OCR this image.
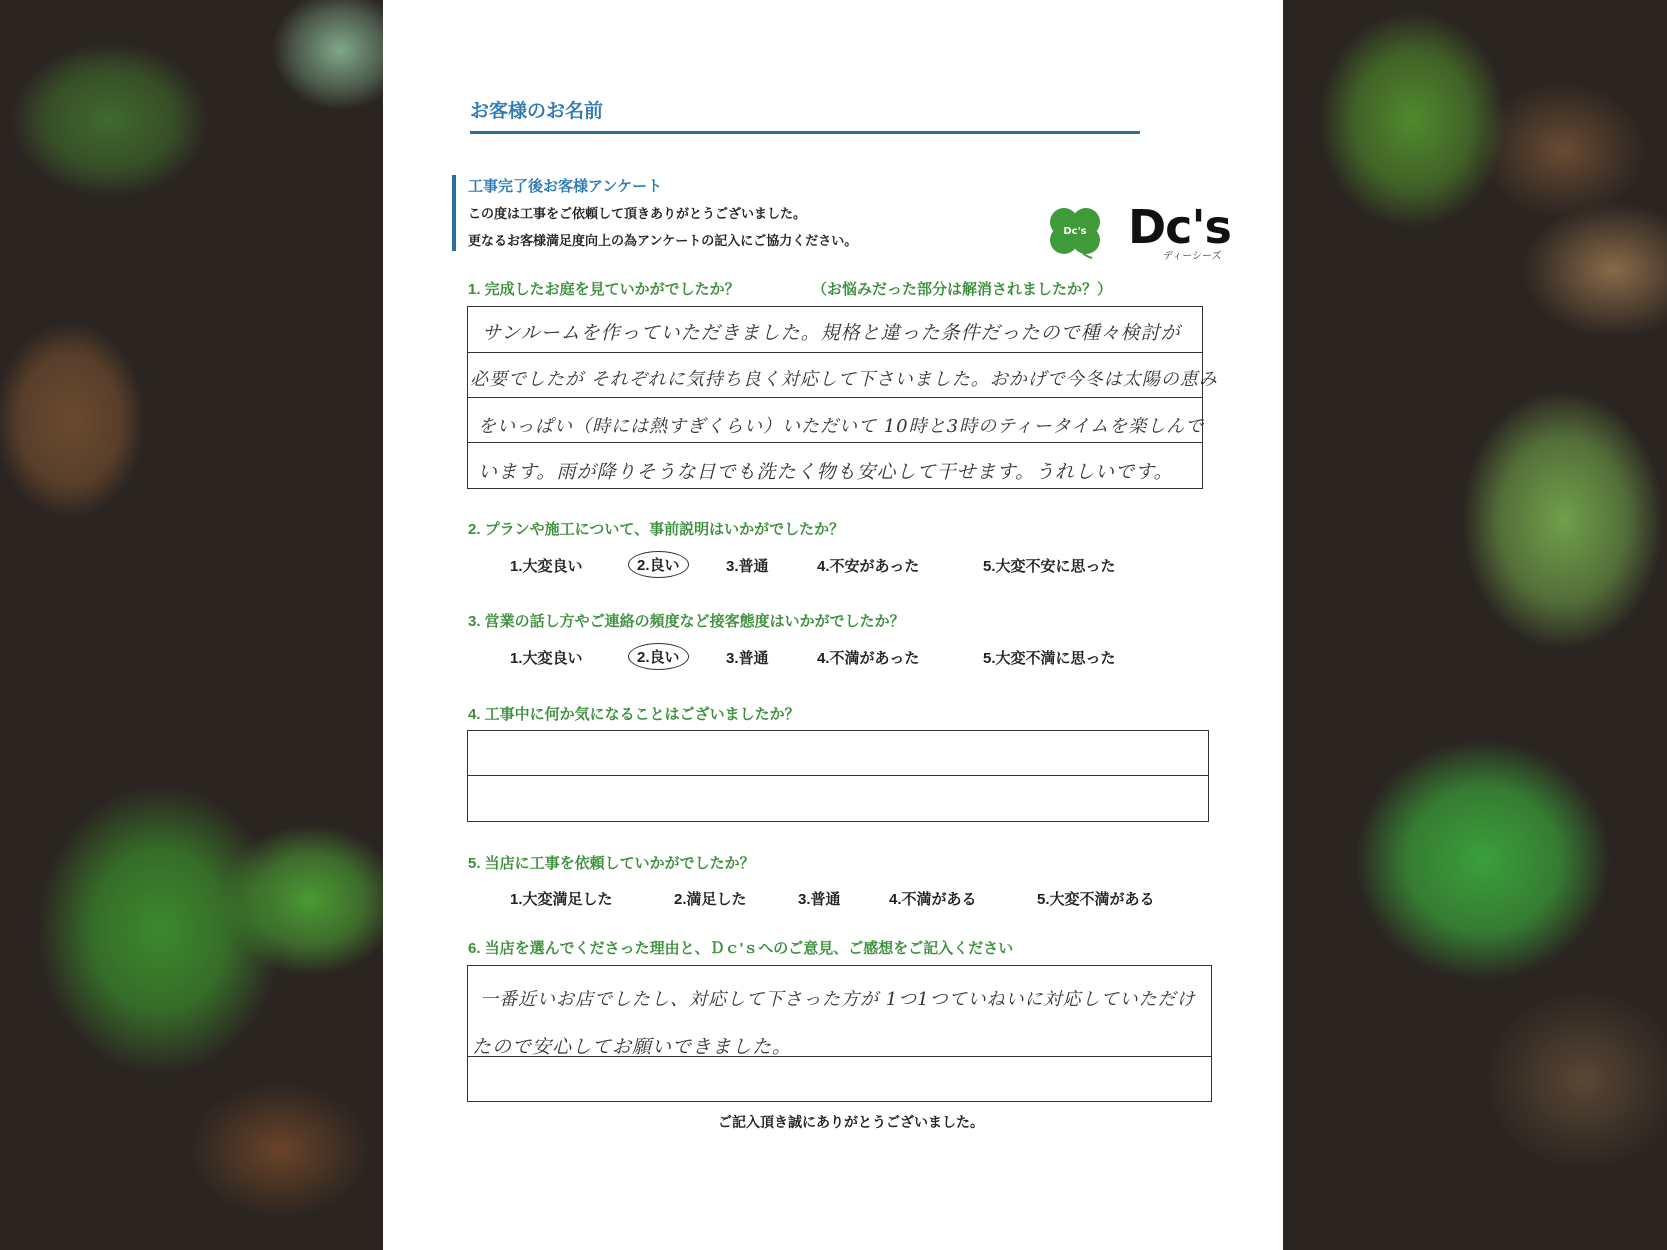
お客様のお名前
工事完了後お客様アンケート
この度は工事をご依頼して頂きありがとうございました。
更なるお客様満足度向上の為アンケートの記入にご協力ください。
Dc's Dc's
ディーシーズ
1. 完成したお庭を見ていかがでしたか？	（お悩みだった部分は解消されましたか？）
サンルームを作っていただきました。規格と違った条件だったので種々検討が
必要でしたが それぞれに気持ち良く対応して下さいました。おかげで今冬は太陽の恵み
をいっぱい（時には熱すぎくらい）いただいて 10時と3時のティータイムを楽しんで
います。雨が降りそうな日でも洗たく物も安心して干せます。うれしいです。
2. プランや施工について、事前説明はいかがでしたか？
1.大変良い	2.良い	3.普通	4.不安があった	5.大変不安に思った
3. 営業の話し方やご連絡の頻度など接客態度はいかがでしたか？
1.大変良い	2.良い	3.普通	4.不満があった	5.大変不満に思った
4. 工事中に何か気になることはございましたか？
5. 当店に工事を依頼していかがでしたか？
1.大変満足した	2.満足した	3.普通	4.不満がある	5.大変不満がある
6. 当店を選んでくださった理由と、Ｄｃ'ｓへのご意見、ご感想をご記入ください
一番近いお店でしたし、対応して下さった方が 1つ1つていねいに対応していただけ
たので安心してお願いできました。
ご記入頂き誠にありがとうございました。
